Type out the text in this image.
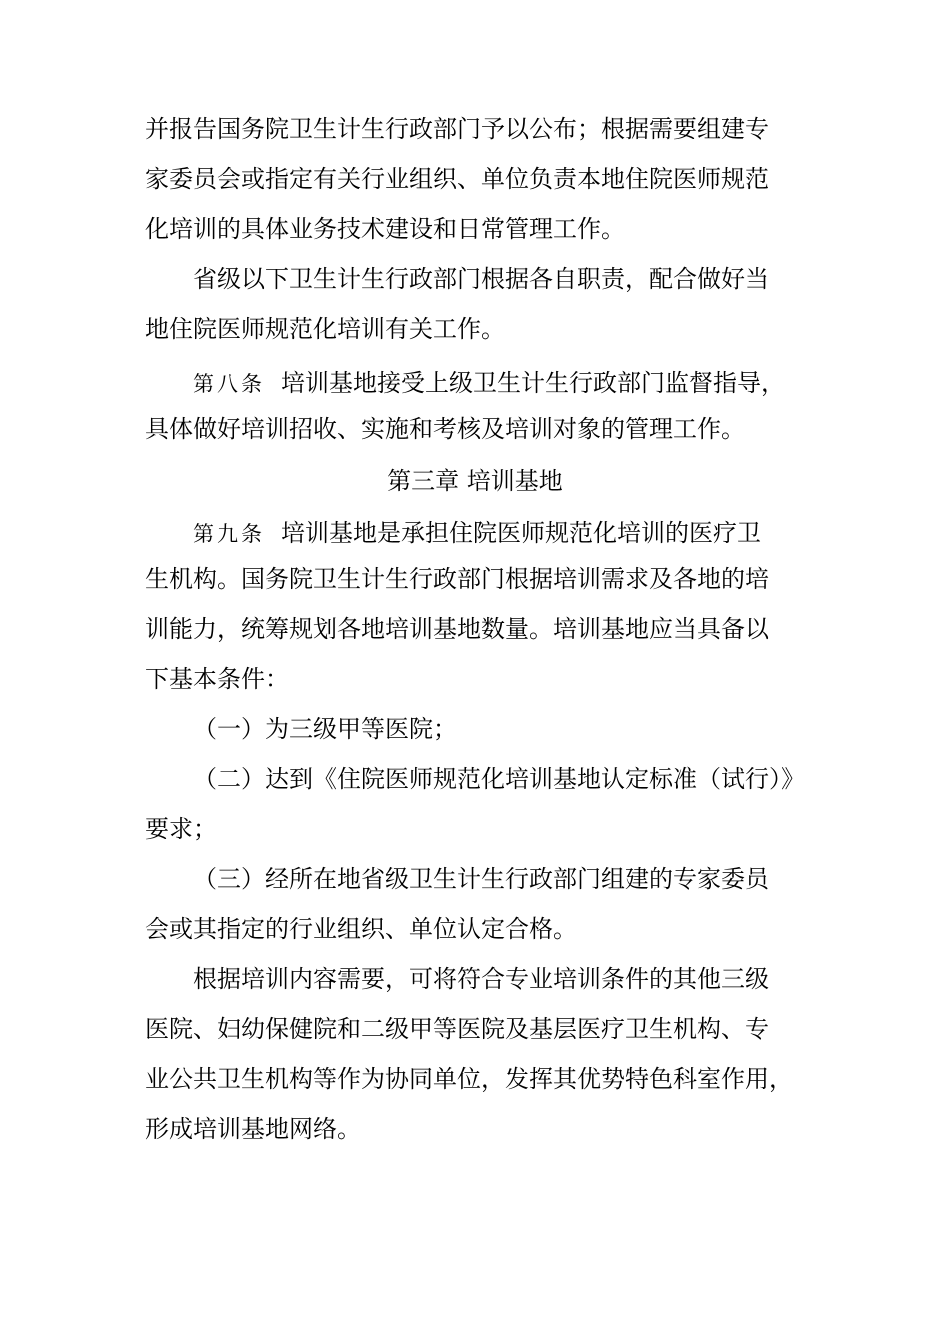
并报告国务院卫生计生行政部门予以公布；根据需要组建专
家委员会或指定有关行业组织、单位负责本地住院医师规范
化培训的具体业务技术建设和日常管理工作。
省级以下卫生计生行政部门根据各自职责，配合做好当
地住院医师规范化培训有关工作。
第八条 培训基地接受上级卫生计生行政部门监督指导，
具体做好培训招收、实施和考核及培训对象的管理工作。
第三章 培训基地
第九条 培训基地是承担住院医师规范化培训的医疗卫
生机构。国务院卫生计生行政部门根据培训需求及各地的培
训能力，统筹规划各地培训基地数量。培训基地应当具备以
下基本条件：
（一）为三级甲等医院；
（二）达到《住院医师规范化培训基地认定标准（试行）》
要求；
（三）经所在地省级卫生计生行政部门组建的专家委员
会或其指定的行业组织、单位认定合格。
根据培训内容需要，可将符合专业培训条件的其他三级
医院、妇幼保健院和二级甲等医院及基层医疗卫生机构、专
业公共卫生机构等作为协同单位，发挥其优势特色科室作用，
形成培训基地网络。
